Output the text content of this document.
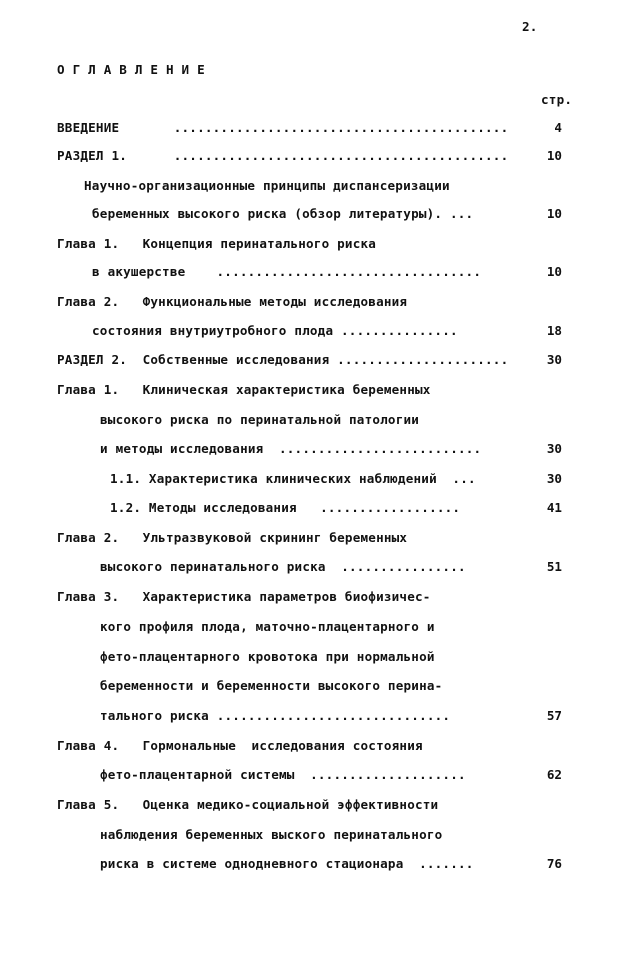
2.
О Г Л А В Л Е Н И Е
стр.
ВВЕДЕНИЕ       ...........................................	4
РАЗДЕЛ 1.      ...........................................	10
Научно-организационные принципы диспансеризации
беременных высокого риска (обзор литературы). ...	10
Глава 1.   Концепция перинатального риска
в акушерстве    ..................................	10
Глава 2.   Функциональные методы исследования
состояния внутриутробного плода ...............	18
РАЗДЕЛ 2.  Собственные исследования ......................	30
Глава 1.   Клиническая характеристика беременных
высокого риска по перинатальной патологии
и методы исследования  ..........................	30
1.1. Характеристика клинических наблюдений  ...	30
1.2. Методы исследования   ..................	41
Глава 2.   Ультразвуковой скрининг беременных
высокого перинатального риска  ................	51
Глава 3.   Характеристика параметров биофизичес-
кого профиля плода, маточно-плацентарного и
фето-плацентарного кровотока при нормальной
беременности и беременности высокого перина-
тального риска ..............................	57
Глава 4.   Гормональные  исследования состояния
фето-плацентарной системы  ....................	62
Глава 5.   Оценка медико-социальной эффективности
наблюдения беременных выского перинатального
риска в системе однодневного стационара  .......	76
